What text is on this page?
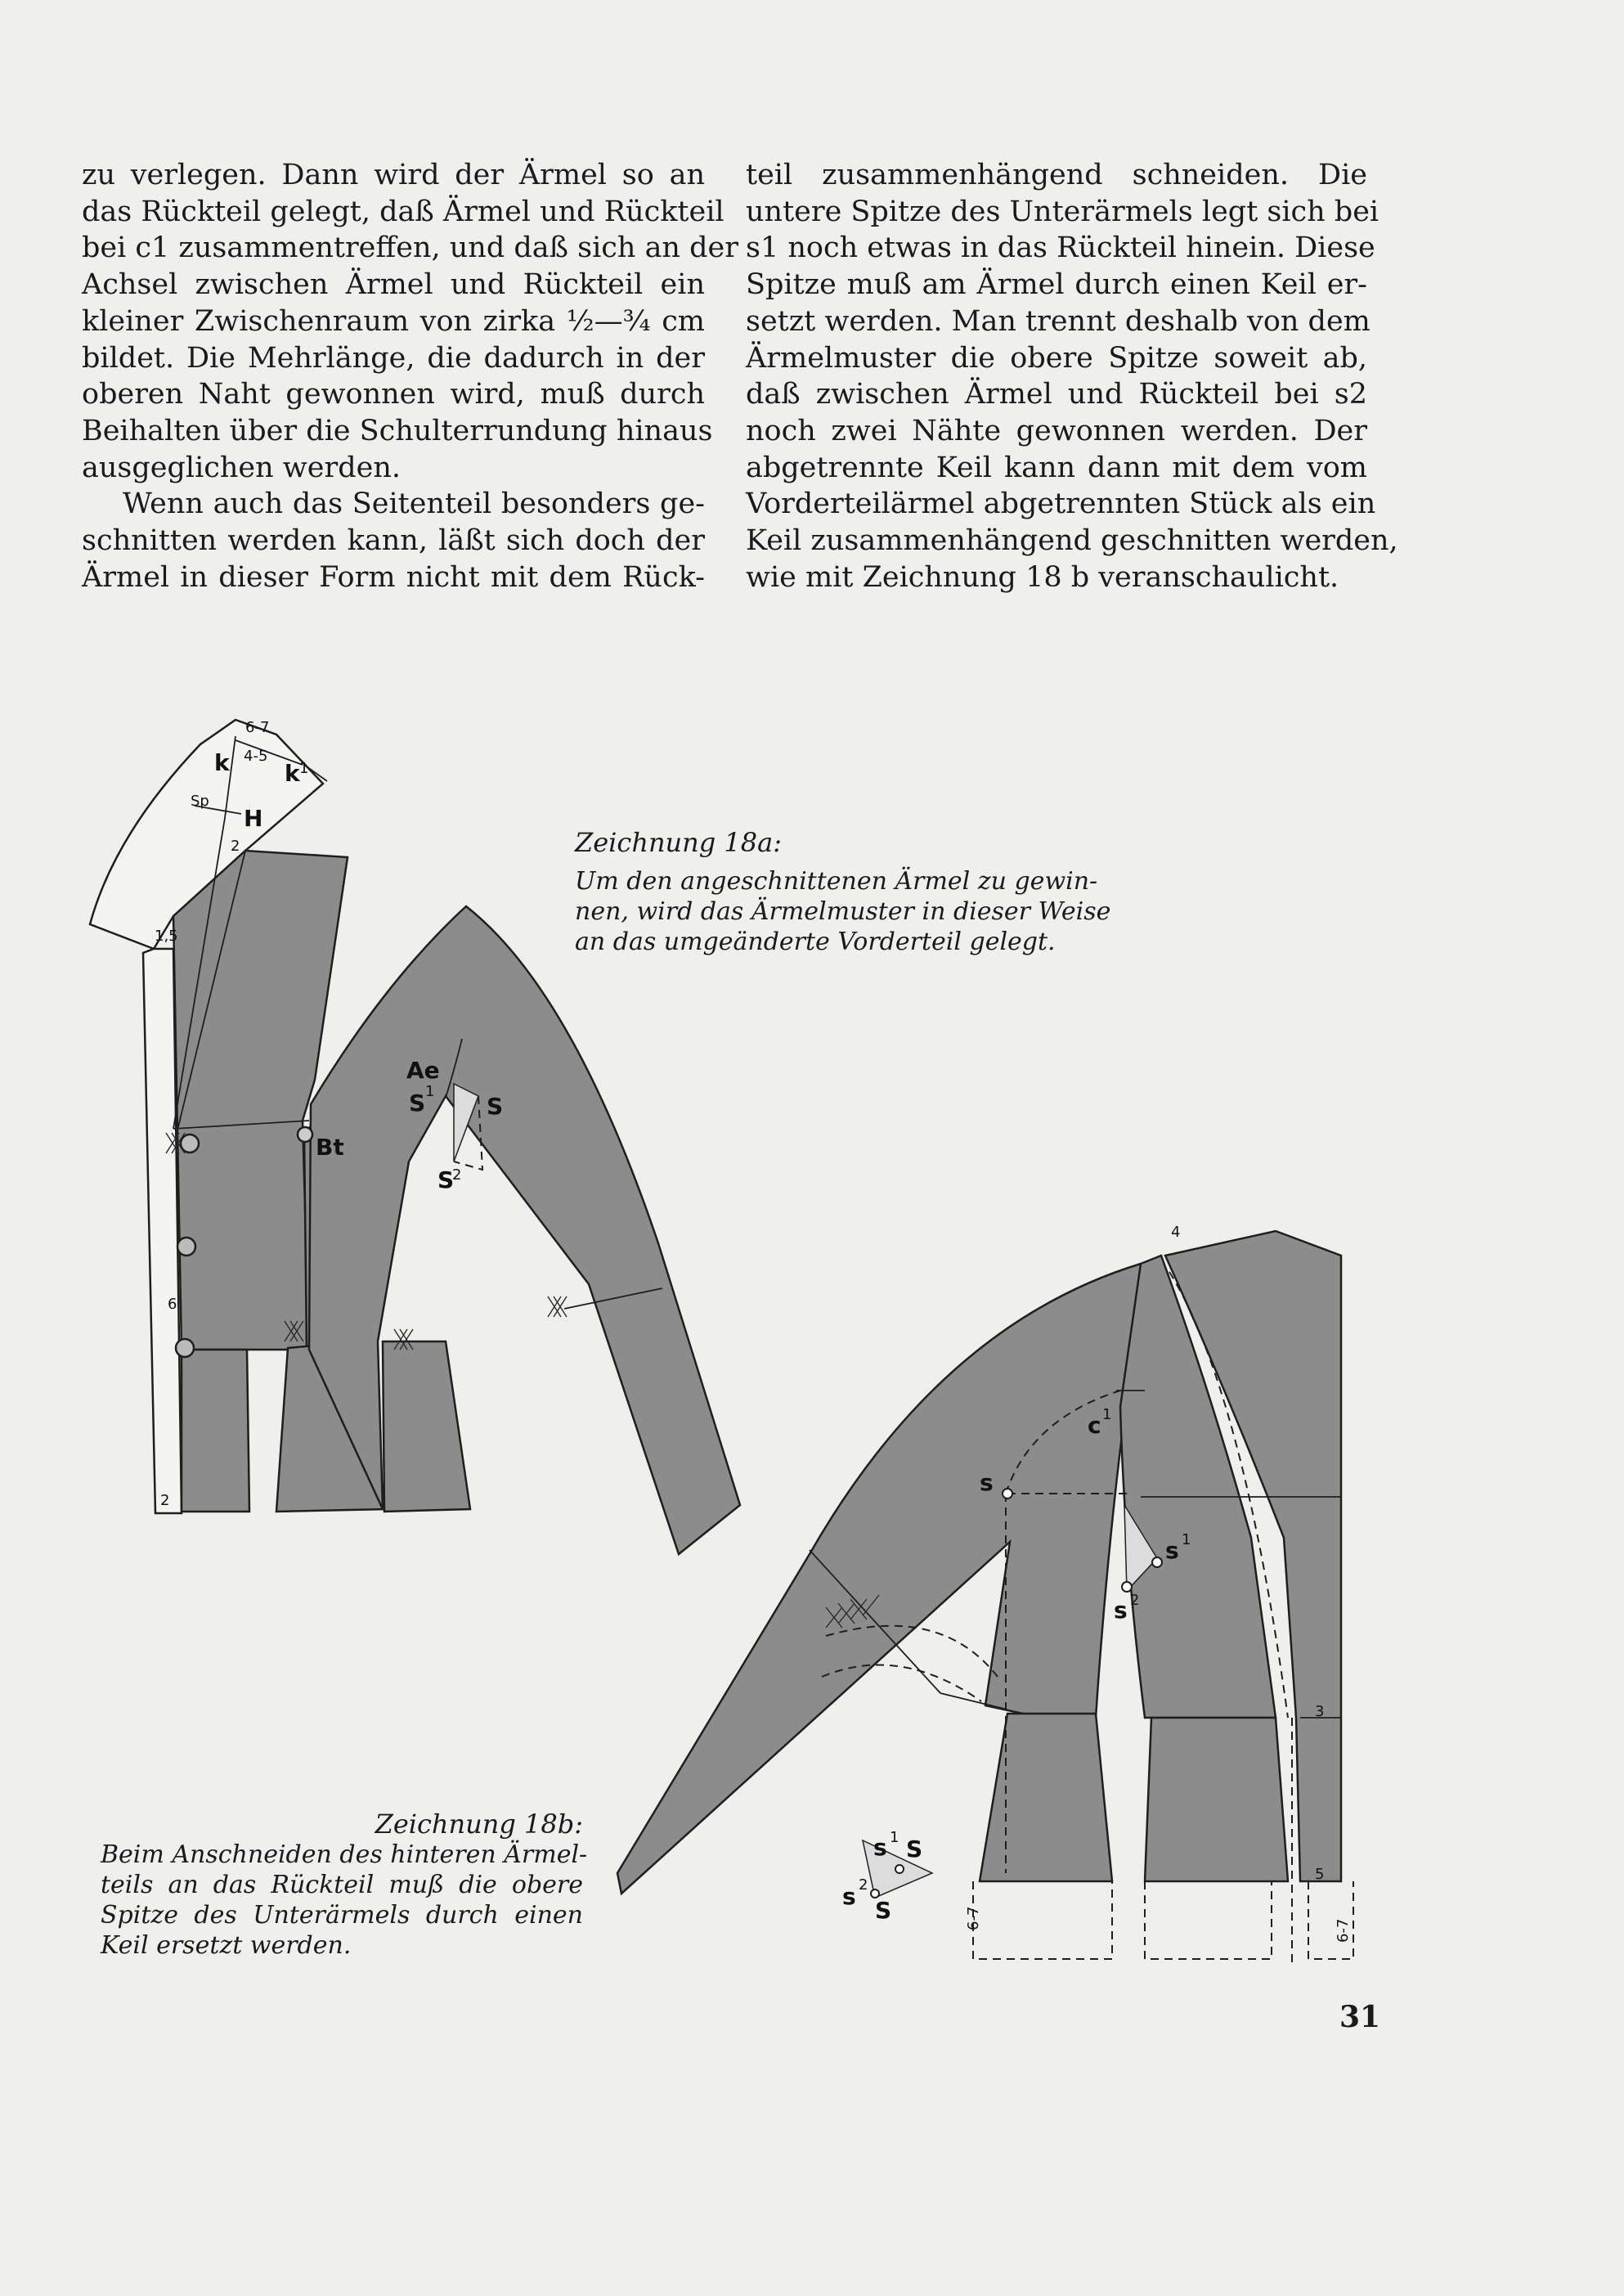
zu verlegen. Dann wird der Ärmel so an
das Rückteil gelegt, daß Ärmel und Rückteil
bei c1 zusammentreffen, und daß sich an der
Achsel zwischen Ärmel und Rückteil ein
kleiner Zwischenraum von zirka ½—¾ cm
bildet. Die Mehrlänge, die dadurch in der
oberen Naht gewonnen wird, muß durch
Beihalten über die Schulterrundung hinaus
ausgeglichen werden.
Wenn auch das Seitenteil besonders ge-
schnitten werden kann, läßt sich doch der
Ärmel in dieser Form nicht mit dem Rück-
teil zusammenhängend schneiden. Die
untere Spitze des Unterärmels legt sich bei
s1 noch etwas in das Rückteil hinein. Diese
Spitze muß am Ärmel durch einen Keil er-
setzt werden. Man trennt deshalb von dem
Ärmelmuster die obere Spitze soweit ab,
daß zwischen Ärmel und Rückteil bei s2
noch zwei Nähte gewonnen werden. Der
abgetrennte Keil kann dann mit dem vom
Vorderteilärmel abgetrennten Stück als ein
Keil zusammenhängend geschnitten werden,
wie mit Zeichnung 18 b veranschaulicht.
k k 1
4-5
6-7
Sp
H
2
1,5
Ae
S 1
S
S
2
Bt
6
2
4
c 1
s
s 1
s 2
3
5
6-7
6-7
s 1 S
s 2
S
Zeichnung 18a:
Um den angeschnittenen Ärmel zu gewin-
nen, wird das Ärmelmuster in dieser Weise
an das umgeänderte Vorderteil gelegt.
Zeichnung 18b:
Beim Anschneiden des hinteren Ärmel-
teils an das Rückteil muß die obere
Spitze des Unterärmels durch einen
Keil ersetzt werden.
31
